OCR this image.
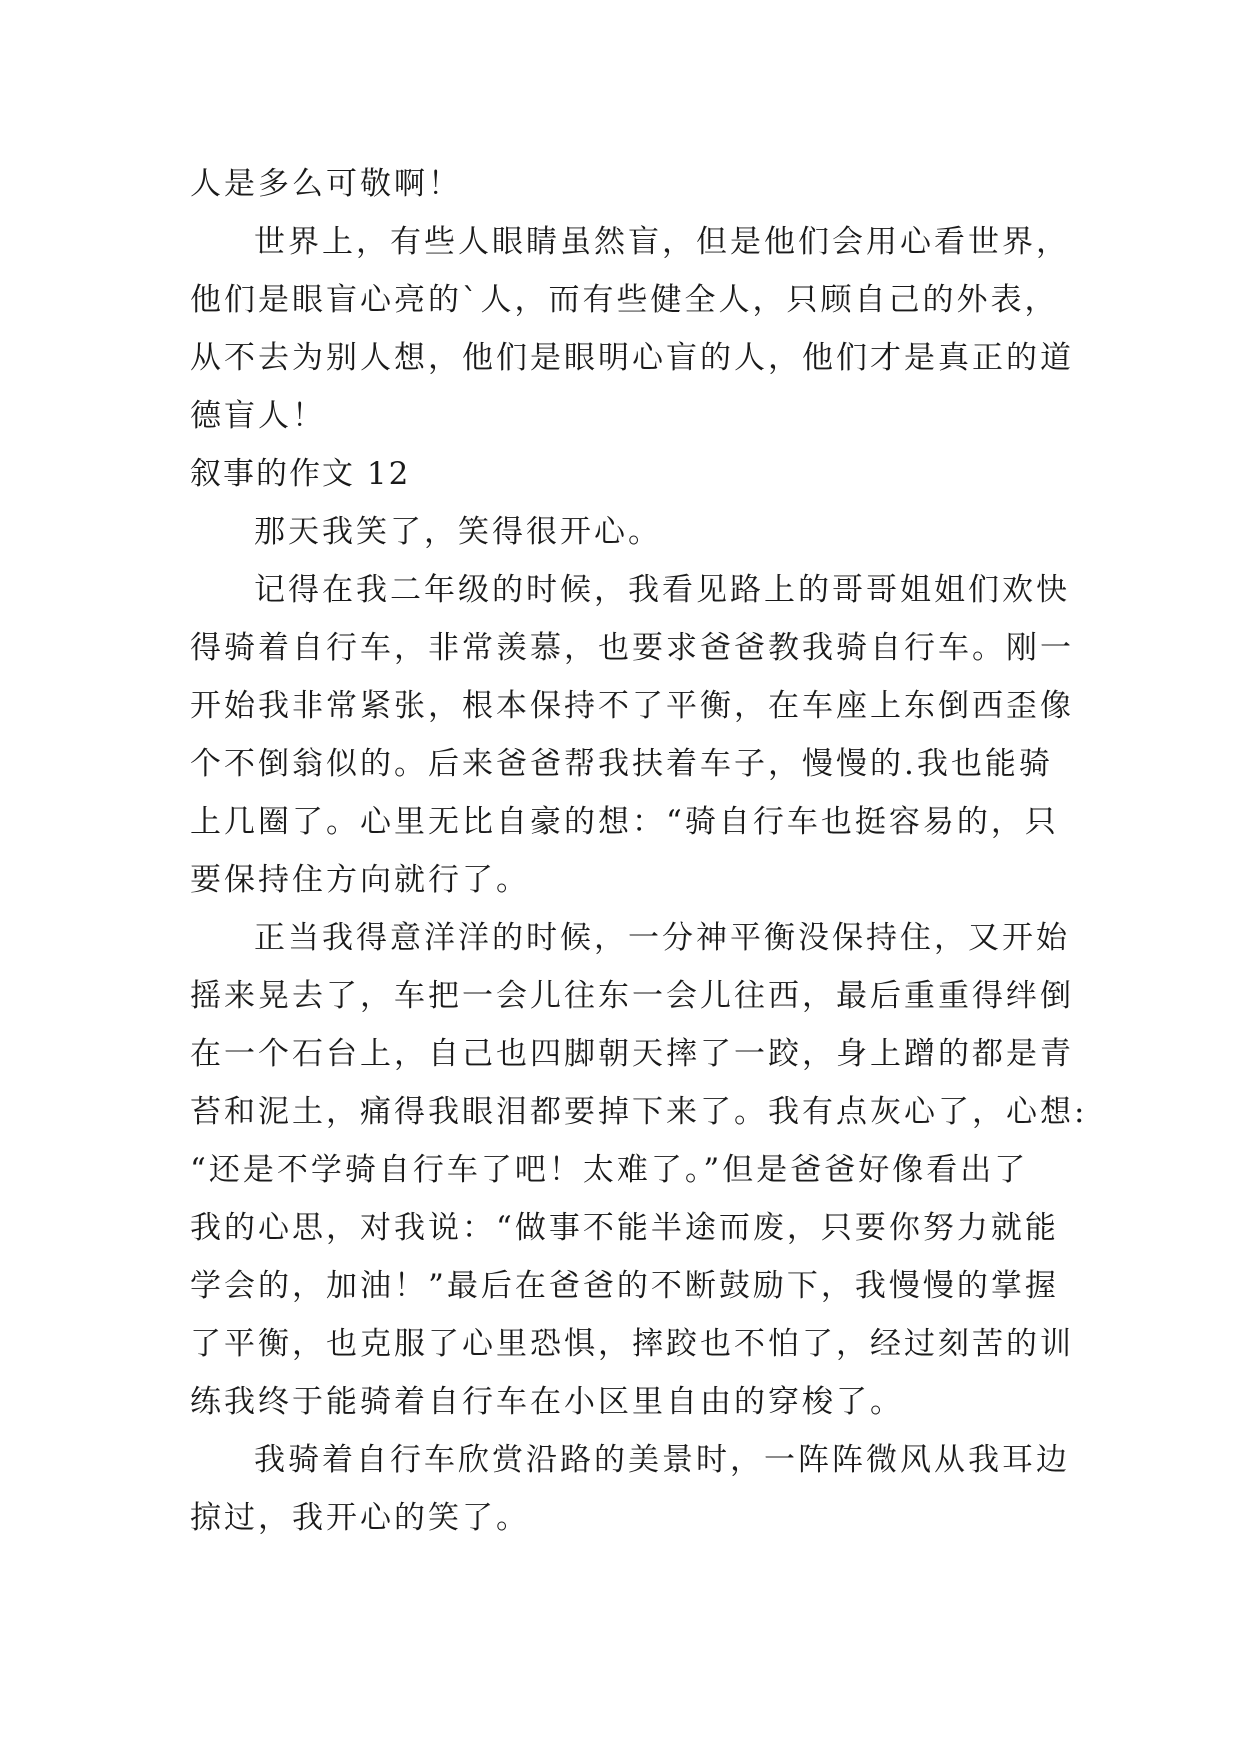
人是多么可敬啊！
世界上，有些人眼睛虽然盲，但是他们会用心看世界，
他们是眼盲心亮的`人，而有些健全人，只顾自己的外表，
从不去为别人想，他们是眼明心盲的人，他们才是真正的道
德盲人！
叙事的作文 12
那天我笑了，笑得很开心。
记得在我二年级的时候，我看见路上的哥哥姐姐们欢快
得骑着自行车，非常羡慕，也要求爸爸教我骑自行车。刚一
开始我非常紧张，根本保持不了平衡，在车座上东倒西歪像
个不倒翁似的。后来爸爸帮我扶着车子，慢慢的.我也能骑
上几圈了。心里无比自豪的想：“骑自行车也挺容易的，只
要保持住方向就行了。
正当我得意洋洋的时候，一分神平衡没保持住，又开始
摇来晃去了，车把一会儿往东一会儿往西，最后重重得绊倒
在一个石台上，自己也四脚朝天摔了一跤，身上蹭的都是青
苔和泥土，痛得我眼泪都要掉下来了。我有点灰心了，心想:
“还是不学骑自行车了吧！太难了。”但是爸爸好像看出了
我的心思，对我说：“做事不能半途而废，只要你努力就能
学会的，加油！”最后在爸爸的不断鼓励下，我慢慢的掌握
了平衡，也克服了心里恐惧，摔跤也不怕了，经过刻苦的训
练我终于能骑着自行车在小区里自由的穿梭了。
我骑着自行车欣赏沿路的美景时，一阵阵微风从我耳边
掠过，我开心的笑了。
